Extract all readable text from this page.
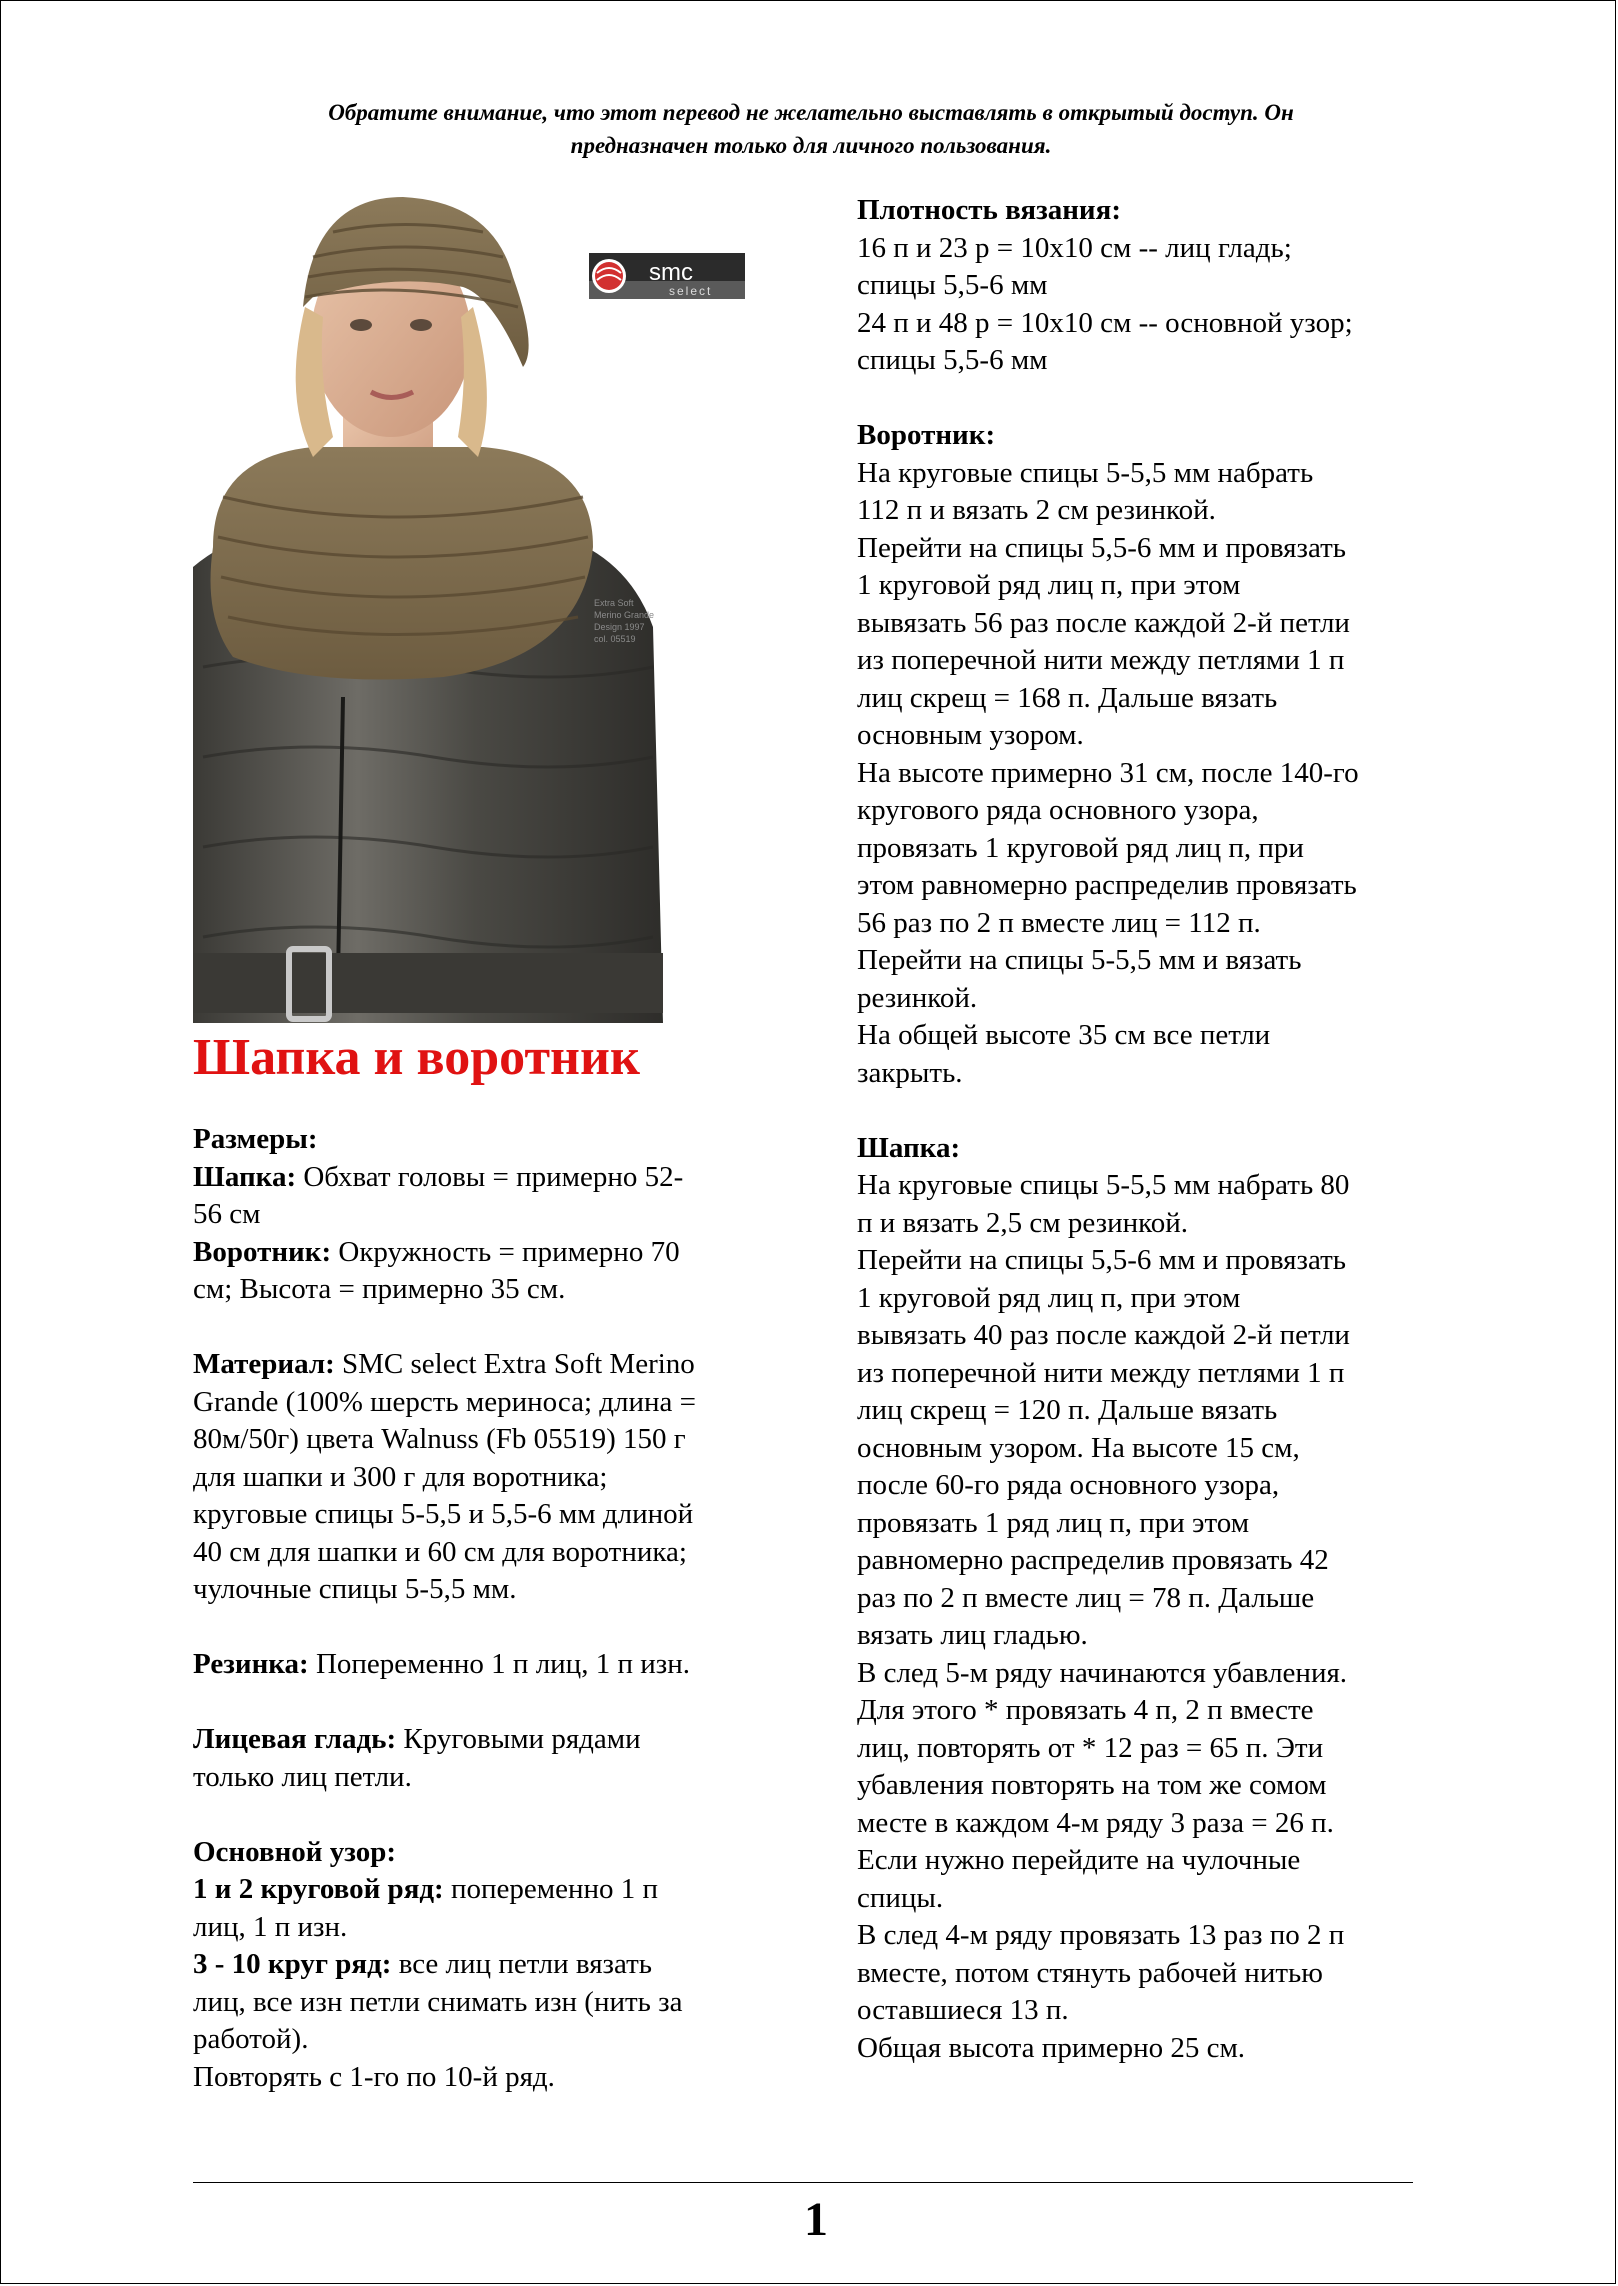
Обратите внимание, что этот перевод не желательно выставлять в открытый доступ. Он
предназначен только для личного пользования.
smc
select
Extra Soft
Merino Grande
Design 1997
col. 05519
Шапка и воротник
Размеры:
Шапка: Обхват головы = примерно 52-
56 см
Воротник: Окружность = примерно 70
см; Высота = примерно 35 см.
Материал: SMC select Extra Soft Merino
Grande (100% шерсть мериноса; длина =
80м/50г) цвета Walnuss (Fb 05519) 150 г
для шапки и 300 г для воротника;
круговые спицы 5-5,5 и 5,5-6 мм длиной
40 см для шапки и 60 см для воротника;
чулочные спицы 5-5,5 мм.
Резинка: Попеременно 1 п лиц, 1 п изн.
Лицевая гладь: Круговыми рядами
только лиц петли.
Основной узор:
1 и 2 круговой ряд: попеременно 1 п
лиц, 1 п изн.
3 - 10 круг ряд: все лиц петли вязать
лиц, все изн петли снимать изн (нить за
работой).
Повторять с 1-го по 10-й ряд.
Плотность вязания:
16 п и 23 р = 10х10 см -- лиц гладь;
спицы 5,5-6 мм
24 п и 48 р = 10х10 см -- основной узор;
спицы 5,5-6 мм
Воротник:
На круговые спицы 5-5,5 мм набрать
112 п и вязать 2 см резинкой.
Перейти на спицы 5,5-6 мм и провязать
1 круговой ряд лиц п, при этом
вывязать 56 раз после каждой 2-й петли
из поперечной нити между петлями 1 п
лиц скрещ = 168 п. Дальше вязать
основным узором.
На высоте примерно 31 см, после 140-го
кругового ряда основного узора,
провязать 1 круговой ряд лиц п, при
этом равномерно распределив провязать
56 раз по 2 п вместе лиц = 112 п.
Перейти на спицы 5-5,5 мм и вязать
резинкой.
На общей высоте 35 см все петли
закрыть.
Шапка:
На круговые спицы 5-5,5 мм набрать 80
п и вязать 2,5 см резинкой.
Перейти на спицы 5,5-6 мм и провязать
1 круговой ряд лиц п, при этом
вывязать 40 раз после каждой 2-й петли
из поперечной нити между петлями 1 п
лиц скрещ = 120 п. Дальше вязать
основным узором. На высоте 15 см,
после 60-го ряда основного узора,
провязать 1 ряд лиц п, при этом
равномерно распределив провязать 42
раз по 2 п вместе лиц = 78 п. Дальше
вязать лиц гладью.
В след 5-м ряду начинаются убавления.
Для этого * провязать 4 п, 2 п вместе
лиц, повторять от * 12 раз = 65 п. Эти
убавления повторять на том же сомом
месте в каждом 4-м ряду 3 раза = 26 п.
Если нужно перейдите на чулочные
спицы.
В след 4-м ряду провязать 13 раз по 2 п
вместе, потом стянуть рабочей нитью
оставшиеся 13 п.
Общая высота примерно 25 см.
1
